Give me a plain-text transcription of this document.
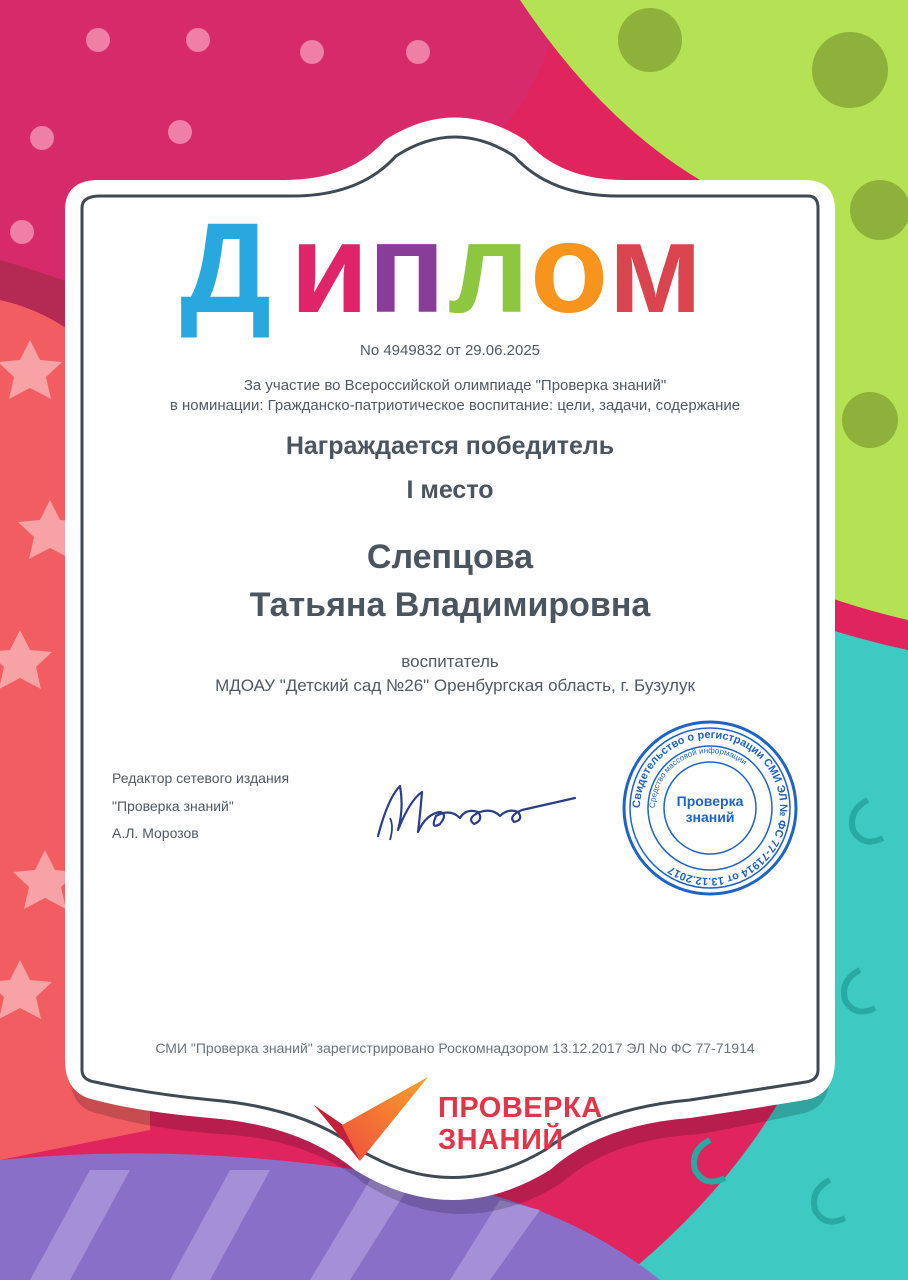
Д и п л о м
No 4949832 от 29.06.2025
За участие во Всероссийской олимпиаде "Проверка знаний"
в номинации: Гражданско-патриотическое воспитание: цели, задачи, содержание
Награждается победитель
I место
Слепцова
Татьяна Владимировна
воспитатель
МДОАУ "Детский сад №26" Оренбургская область, г. Бузулук
Редактор сетевого издания
"Проверка знаний"
А.Л. Морозов
Свидетельство о регистрации СМИ ЭЛ № ФС 77-71914 от 13.12.2017
Средство массовой информации
Проверка
знаний
СМИ "Проверка знаний" зарегистрировано Роскомнадзором 13.12.2017 ЭЛ No ФС 77-71914
ПРОВЕРКА
ЗНАНИЙ
